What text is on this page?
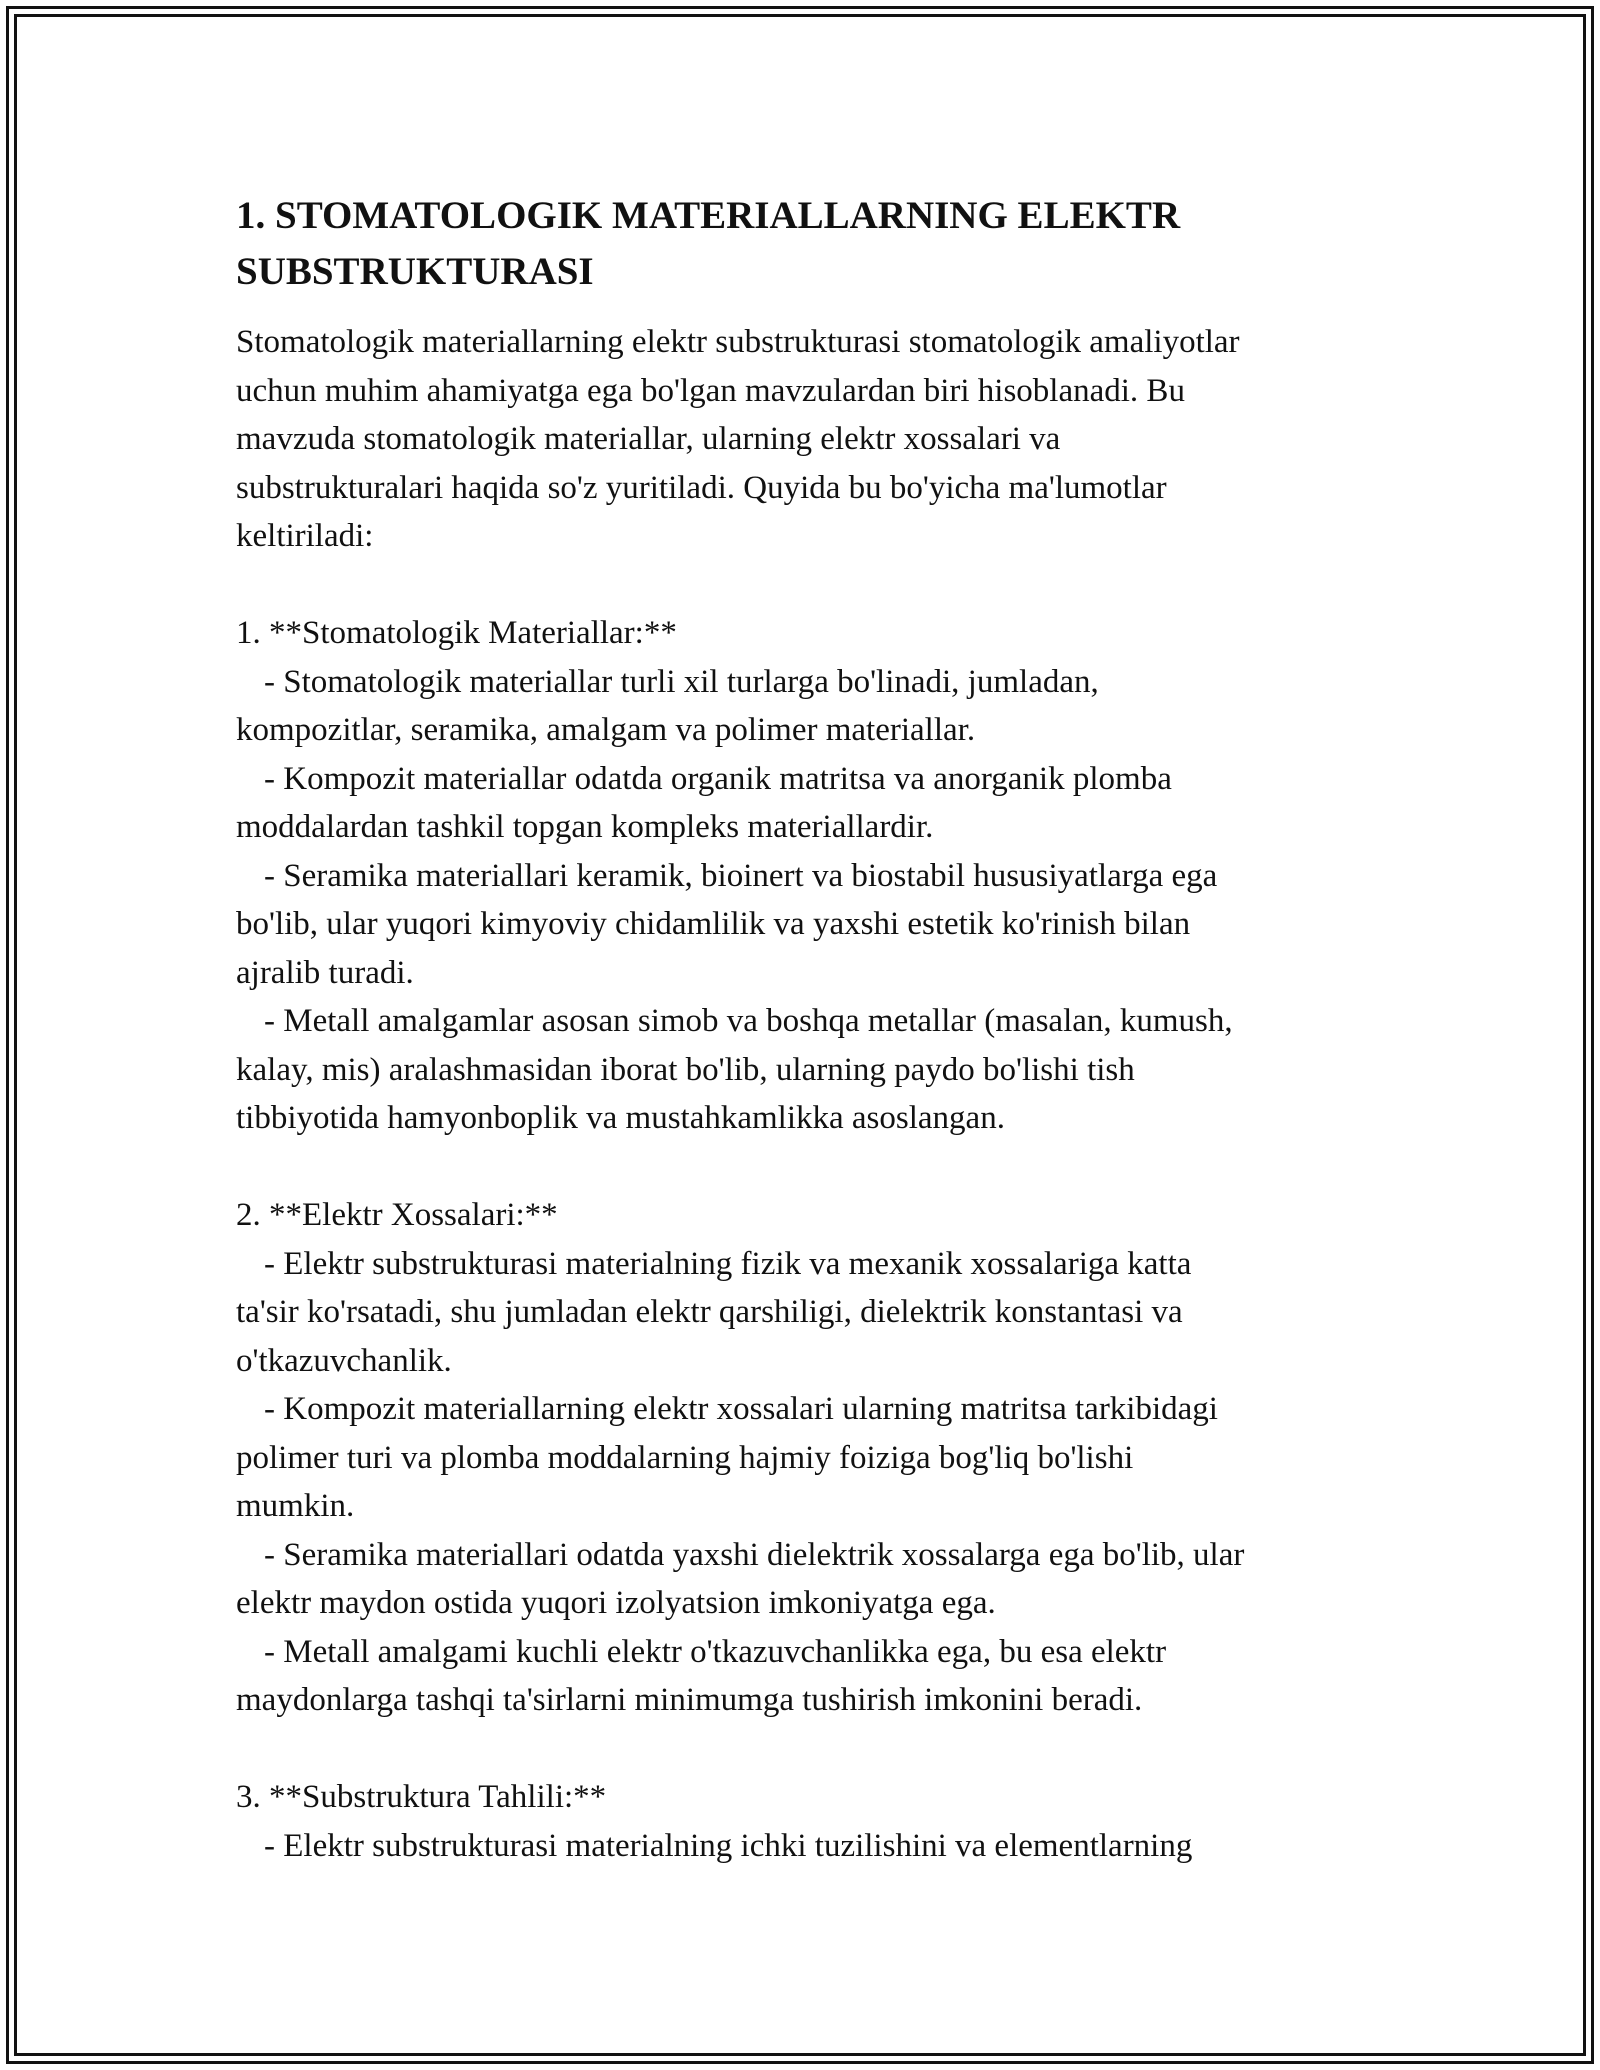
1. STOMATOLOGIK MATERIALLARNING ELEKTR
SUBSTRUKTURASI
Stomatologik materiallarning elektr substrukturasi stomatologik amaliyotlar
uchun muhim ahamiyatga ega bo'lgan mavzulardan biri hisoblanadi. Bu
mavzuda stomatologik materiallar, ularning elektr xossalari va
substrukturalari haqida so'z yuritiladi. Quyida bu bo'yicha ma'lumotlar
keltiriladi:
1. **Stomatologik Materiallar:**
- Stomatologik materiallar turli xil turlarga bo'linadi, jumladan,
kompozitlar, seramika, amalgam va polimer materiallar.
- Kompozit materiallar odatda organik matritsa va anorganik plomba
moddalardan tashkil topgan kompleks materiallardir.
- Seramika materiallari keramik, bioinert va biostabil hususiyatlarga ega
bo'lib, ular yuqori kimyoviy chidamlilik va yaxshi estetik ko'rinish bilan
ajralib turadi.
- Metall amalgamlar asosan simob va boshqa metallar (masalan, kumush,
kalay, mis) aralashmasidan iborat bo'lib, ularning paydo bo'lishi tish
tibbiyotida hamyonboplik va mustahkamlikka asoslangan.
2. **Elektr Xossalari:**
- Elektr substrukturasi materialning fizik va mexanik xossalariga katta
ta'sir ko'rsatadi, shu jumladan elektr qarshiligi, dielektrik konstantasi va
o'tkazuvchanlik.
- Kompozit materiallarning elektr xossalari ularning matritsa tarkibidagi
polimer turi va plomba moddalarning hajmiy foiziga bog'liq bo'lishi
mumkin.
- Seramika materiallari odatda yaxshi dielektrik xossalarga ega bo'lib, ular
elektr maydon ostida yuqori izolyatsion imkoniyatga ega.
- Metall amalgami kuchli elektr o'tkazuvchanlikka ega, bu esa elektr
maydonlarga tashqi ta'sirlarni minimumga tushirish imkonini beradi.
3. **Substruktura Tahlili:**
- Elektr substrukturasi materialning ichki tuzilishini va elementlarning
